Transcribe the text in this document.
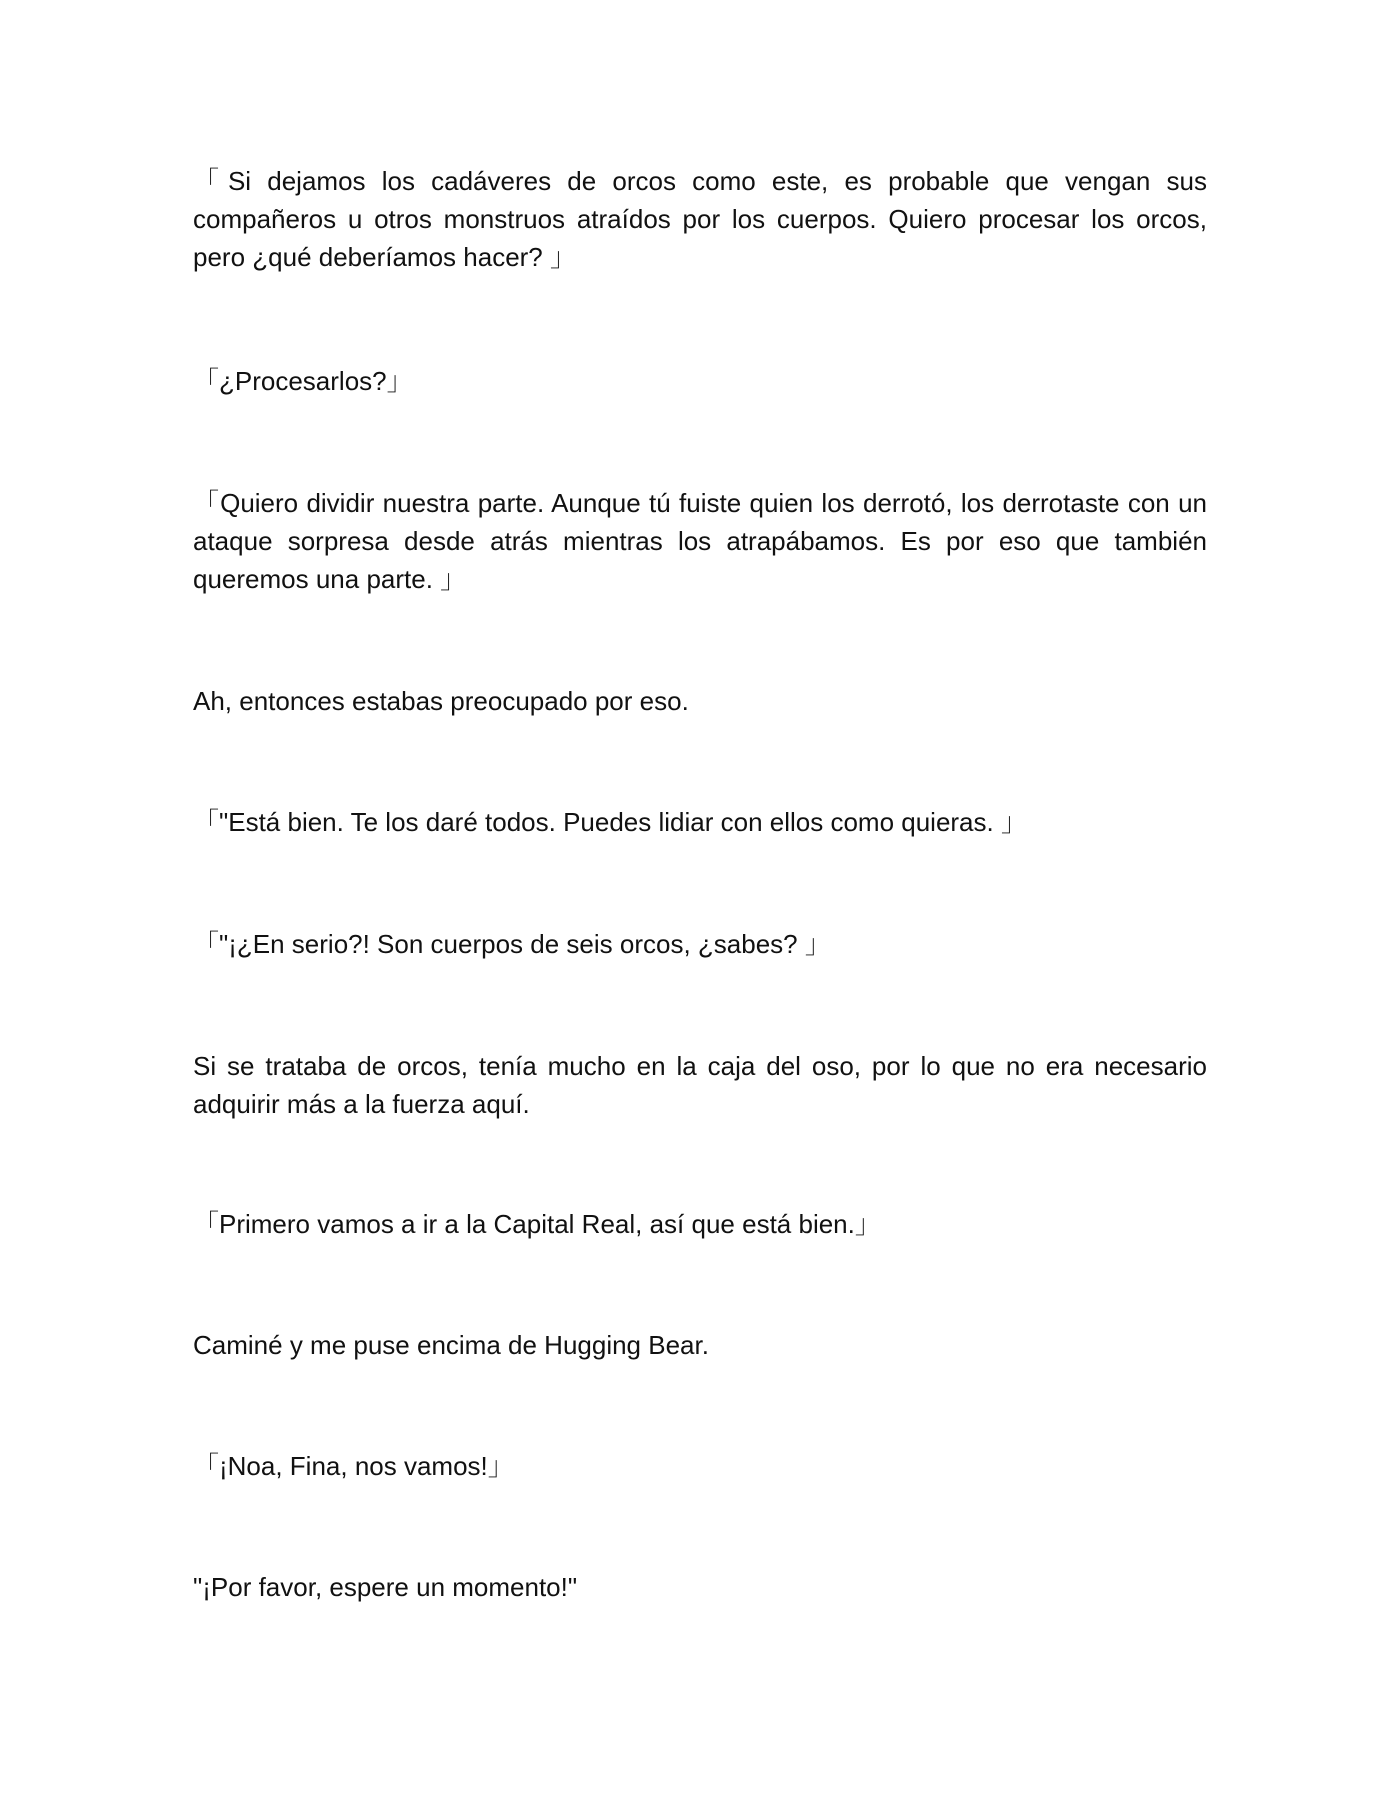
「Si dejamos los cadáveres de orcos como este, es probable que vengan sus compañeros u otros monstruos atraídos por los cuerpos. Quiero procesar los orcos, pero ¿qué deberíamos hacer? 」

「¿Procesarlos?」

「Quiero dividir nuestra parte. Aunque tú fuiste quien los derrotó, los derrotaste con un ataque sorpresa desde atrás mientras los atrapábamos. Es por eso que también queremos una parte. 」

Ah, entonces estabas preocupado por eso.

「"Está bien. Te los daré todos. Puedes lidiar con ellos como quieras. 」

「"¡¿En serio?! Son cuerpos de seis orcos, ¿sabes? 」

Si se trataba de orcos, tenía mucho en la caja del oso, por lo que no era necesario adquirir más a la fuerza aquí.

「Primero vamos a ir a la Capital Real, así que está bien.」

Caminé y me puse encima de Hugging Bear.

「¡Noa, Fina, nos vamos!」

"¡Por favor, espere un momento!"
